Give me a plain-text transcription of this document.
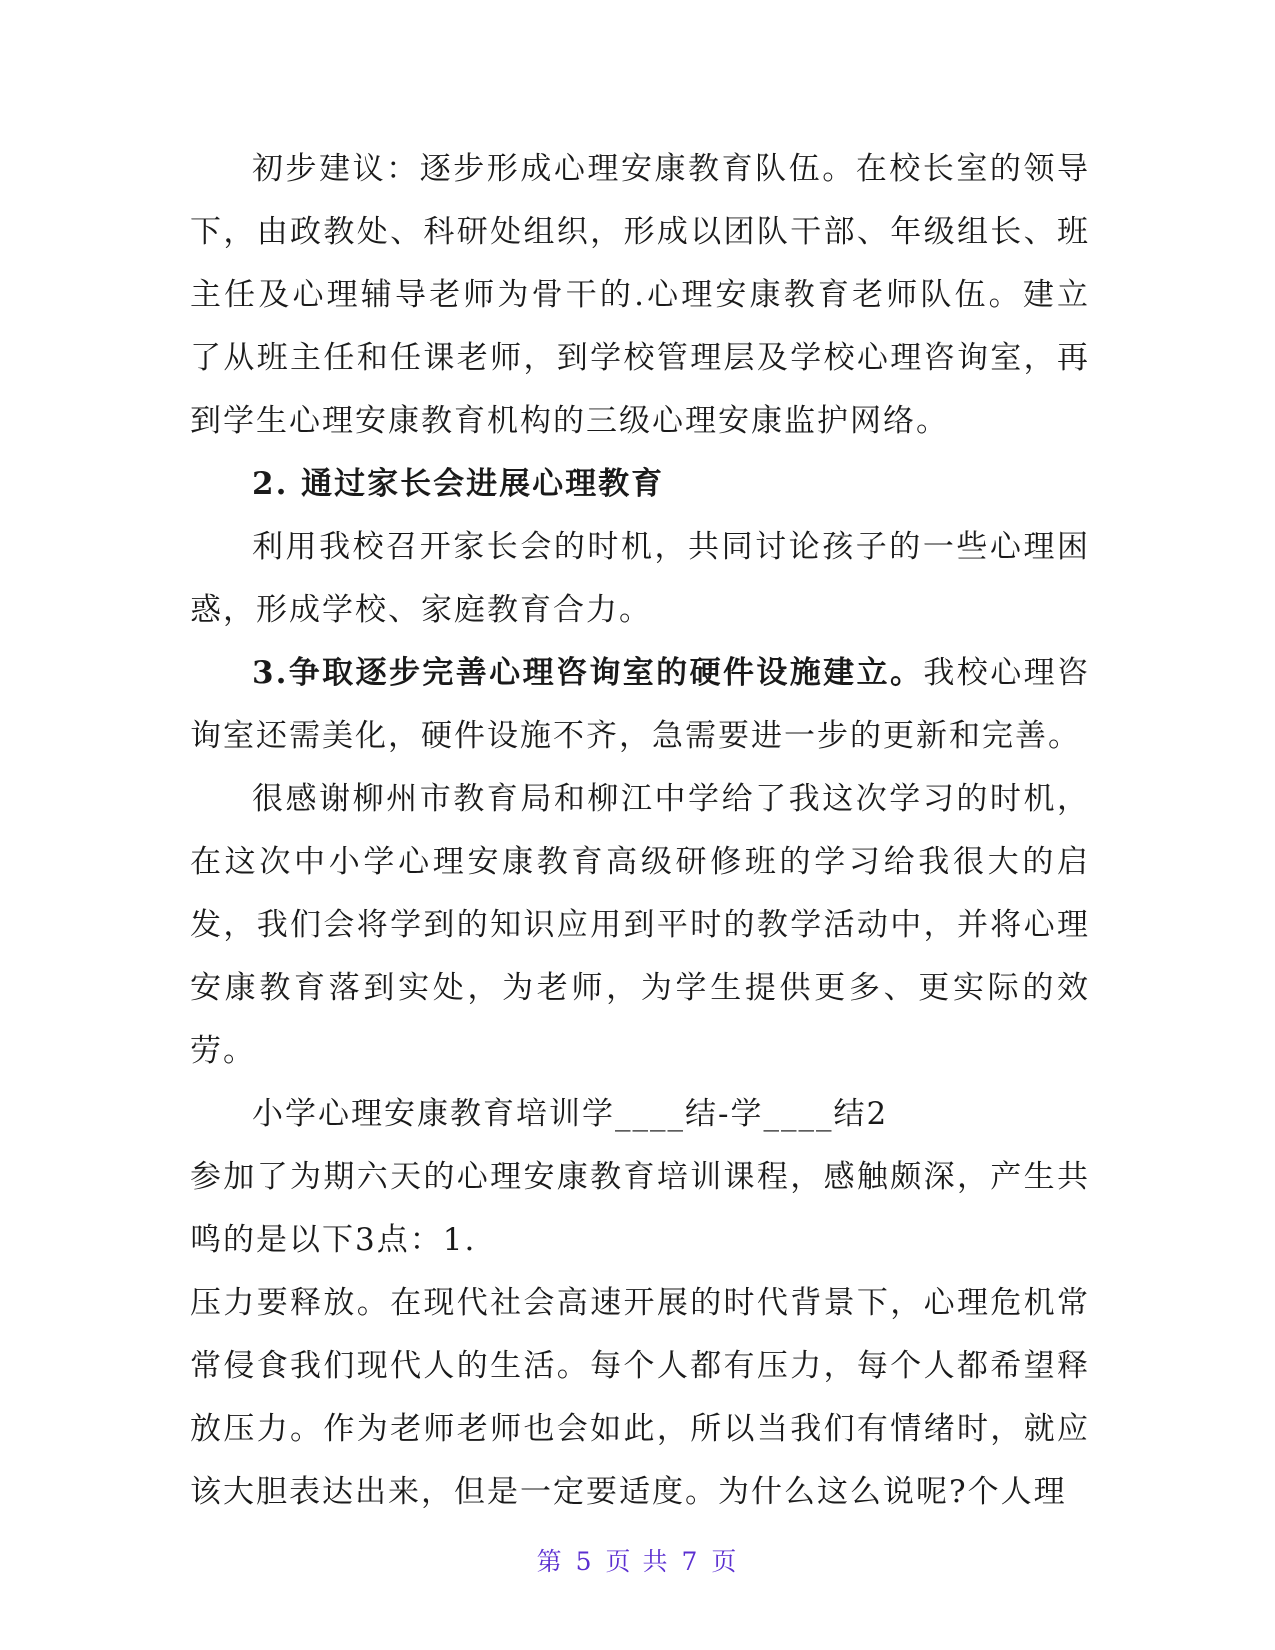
初步建议：逐步形成心理安康教育队伍。在校长室的领导下，由政教处、科研处组织，形成以团队干部、年级组长、班主任及心理辅导老师为骨干的.心理安康教育老师队伍。建立了从班主任和任课老师，到学校管理层及学校心理咨询室，再到学生心理安康教育机构的三级心理安康监护网络。

2. 通过家长会进展心理教育

利用我校召开家长会的时机，共同讨论孩子的一些心理困惑，形成学校、家庭教育合力。

3.争取逐步完善心理咨询室的硬件设施建立。我校心理咨询室还需美化，硬件设施不齐，急需要进一步的更新和完善。

很感谢柳州市教育局和柳江中学给了我这次学习的时机，在这次中小学心理安康教育高级研修班的学习给我很大的启发，我们会将学到的知识应用到平时的教学活动中，并将心理安康教育落到实处，为老师，为学生提供更多、更实际的效劳。

小学心理安康教育培训学____结-学____结2

参加了为期六天的心理安康教育培训课程，感触颇深，产生共鸣的是以下3点：1.

压力要释放。在现代社会高速开展的时代背景下，心理危机常常侵食我们现代人的生活。每个人都有压力，每个人都希望释放压力。作为老师老师也会如此，所以当我们有情绪时，就应该大胆表达出来，但是一定要适度。为什么这么说呢?个人理

第 5 页 共 7 页
